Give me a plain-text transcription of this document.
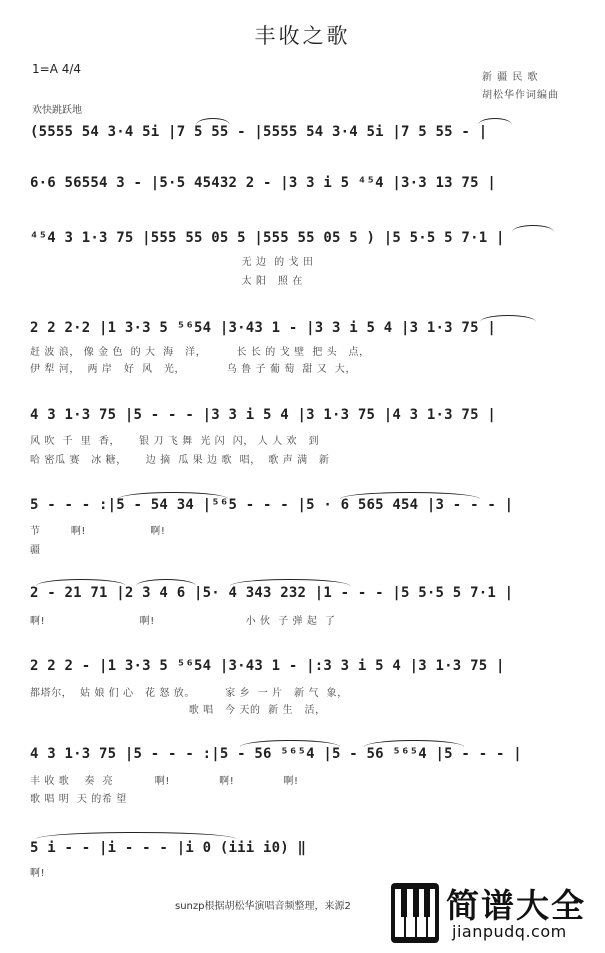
丰收之歌
1=A 4/4
新 疆 民 歌
胡松华作词编曲
欢快跳跃地
(5555 54 3·4 5i |7 5 55 - |5555 54 3·4 5i |7 5 55 - |
6·6 56554 3 - |5·5 45432 2 - |3 3 i 5 ⁴⁵4 |3·3 13 75 |
⁴⁵4 3 1·3 75 |555 55 05 5 |555 55 05 5 ) |5 5·5 5 7·1 |
无 边  的 戈 田
太 阳   照 在
2 2 2·2 |1 3·3 5 ⁵⁶54 |3·43 1 - |3 3 i 5 4 |3 1·3 75 |
赶 波 浪， 像 金 色  的 大  海   洋，        长 长 的 戈 壁  把 头   点，
伊 犁 河，  两 岸   好  风   光，           乌 鲁 子 葡 萄  甜 又  大，
4 3 1·3 75 |5 - - - |3 3 i 5 4 |3 1·3 75 |4 3 1·3 75 |
风 吹  千  里  香，     银 刀 飞 舞  光 闪  闪， 人 人 欢   到
哈 密瓜 赛   冰 糖，     边 摘  瓜 果 边 歌  唱，  歌 声 满   新
5 - - - :|5 - 54 34 |⁵⁶5 - - - |5 · 6 565 454 |3 - - - |
节        啊!                 啊!
疆
2 - 21 71 |2 3 4 6 |5· 4 343 232 |1 - - - |5 5·5 5 7·1 |
啊!                         啊!                        小 伙  子 弹 起  了
2 2 2 - |1 3·3 5 ⁵⁶54 |3·43 1 - |:3 3 i 5 4 |3 1·3 75 |
都塔尔，  姑 娘 们 心   花 怒 放。        家 乡  一 片   新 气  象，
歌 唱   今 天的  新 生   活，
4 3 1·3 75 |5 - - - :|5 - 56 ⁵⁶⁵4 |5 - 56 ⁵⁶⁵4 |5 - - - |
丰 收 歌    奏  亮           啊!             啊!             啊!
歌 唱 明  天 的希 望
5 i - - |i - - - |i 0 (iii i0) ‖
啊!
sunzp根据胡松华演唱音频整理，来源2	简谱大全
jianpudq.com
